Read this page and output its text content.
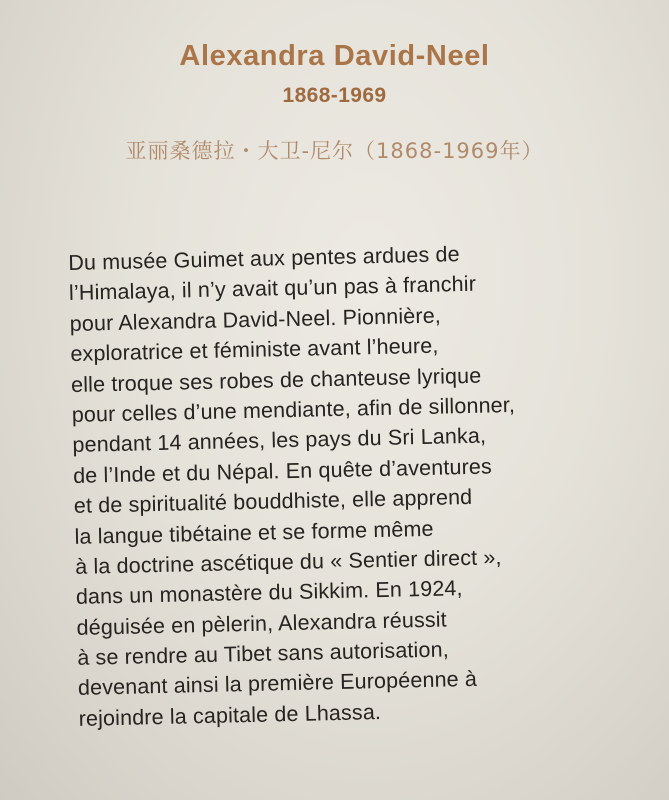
Alexandra David-Neel
1868-1969

亚丽桑德拉・大卫-尼尔（1868-1969年）

Du musée Guimet aux pentes ardues de
l’Himalaya, il n’y avait qu’un pas à franchir
pour Alexandra David-Neel. Pionnière,
exploratrice et féministe avant l’heure,
elle troque ses robes de chanteuse lyrique
pour celles d’une mendiante, afin de sillonner,
pendant 14 années, les pays du Sri Lanka,
de l’Inde et du Népal. En quête d’aventures
et de spiritualité bouddhiste, elle apprend
la langue tibétaine et se forme même
à la doctrine ascétique du « Sentier direct »,
dans un monastère du Sikkim. En 1924,
déguisée en pèlerin, Alexandra réussit
à se rendre au Tibet sans autorisation,
devenant ainsi la première Européenne à
rejoindre la capitale de Lhassa.
